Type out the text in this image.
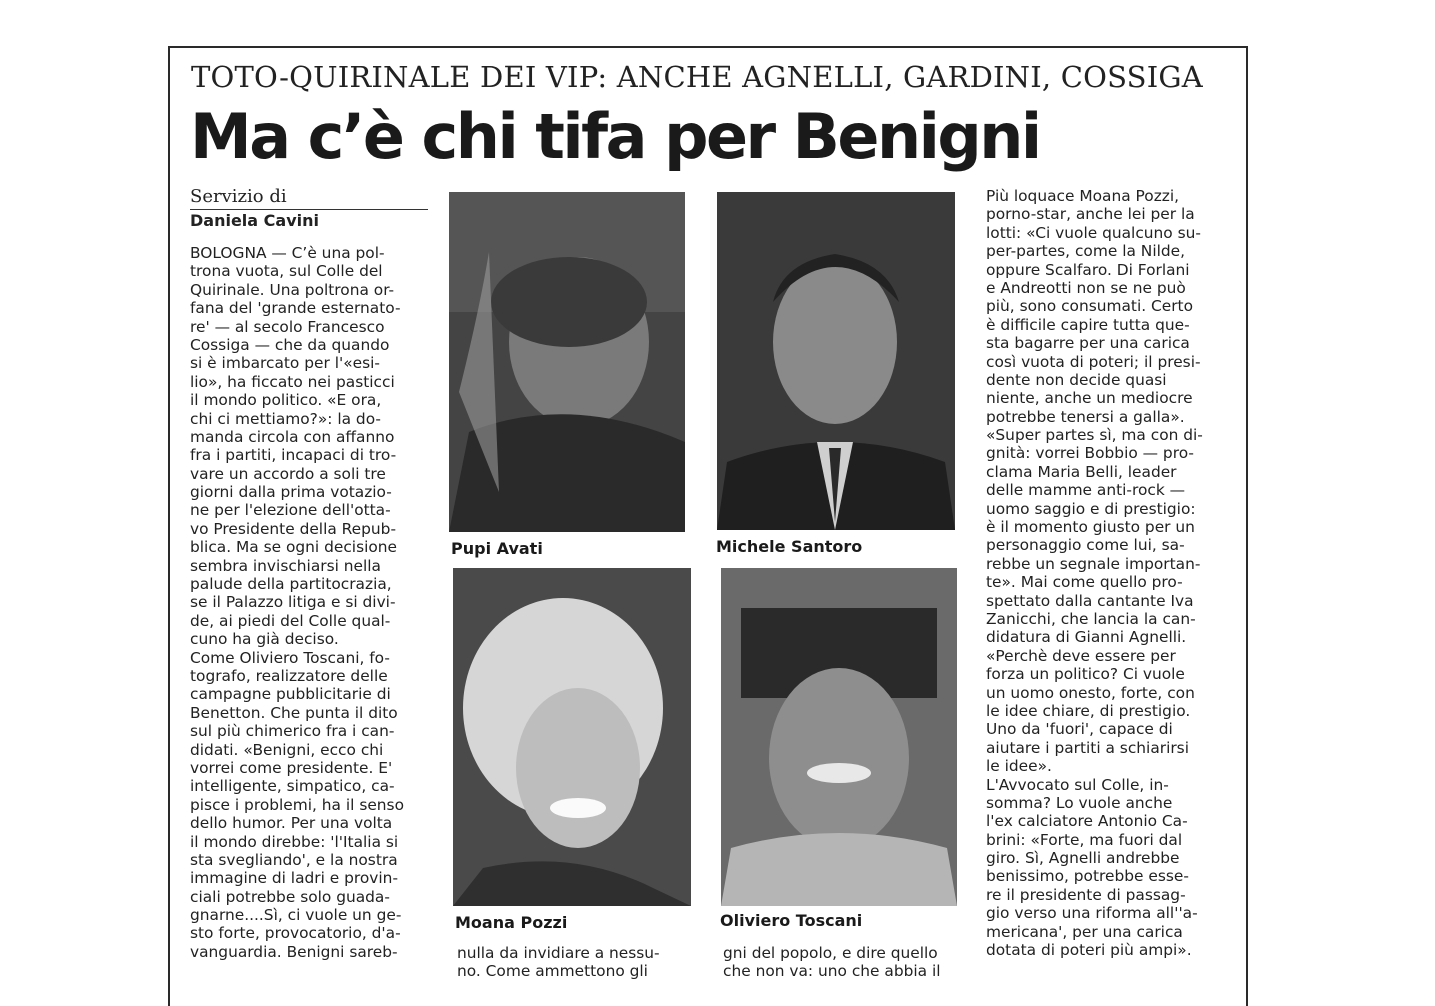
TOTO-QUIRINALE DEI VIP: ANCHE AGNELLI, GARDINI, COSSIGA
Ma c’è chi tifa per Benigni
Servizio di
Daniela Cavini
BOLOGNA — C’è una pol-
trona vuota, sul Colle del
Quirinale. Una poltrona or-
fana del 'grande esternato-
re' — al secolo Francesco
Cossiga — che da quando
si è imbarcato per l'«esi-
lio», ha ficcato nei pasticci
il mondo politico. «E ora,
chi ci mettiamo?»: la do-
manda circola con affanno
fra i partiti, incapaci di tro-
vare un accordo a soli tre
giorni dalla prima votazio-
ne per l'elezione dell'otta-
vo Presidente della Repub-
blica. Ma se ogni decisione
sembra invischiarsi nella
palude della partitocrazia,
se il Palazzo litiga e si divi-
de, ai piedi del Colle qual-
cuno ha già deciso.
Come Oliviero Toscani, fo-
tografo, realizzatore delle
campagne pubblicitarie di
Benetton. Che punta il dito
sul più chimerico fra i can-
didati. «Benigni, ecco chi
vorrei come presidente. E'
intelligente, simpatico, ca-
pisce i problemi, ha il senso
dello humor. Per una volta
il mondo direbbe: 'l'Italia si
sta svegliando', e la nostra
immagine di ladri e provin-
ciali potrebbe solo guada-
gnarne....Sì, ci vuole un ge-
sto forte, provocatorio, d'a-
vanguardia. Benigni sareb-
Pupi Avati	Michele Santoro
Moana Pozzi	Oliviero Toscani
Più loquace Moana Pozzi,
porno-star, anche lei per la
lotti: «Ci vuole qualcuno su-
per-partes, come la Nilde,
oppure Scalfaro. Di Forlani
e Andreotti non se ne può
più, sono consumati. Certo
è difficile capire tutta que-
sta bagarre per una carica
così vuota di poteri; il presi-
dente non decide quasi
niente, anche un mediocre
potrebbe tenersi a galla».
«Super partes sì, ma con di-
gnità: vorrei Bobbio — pro-
clama Maria Belli, leader
delle mamme anti-rock —
uomo saggio e di prestigio:
è il momento giusto per un
personaggio come lui, sa-
rebbe un segnale importan-
te». Mai come quello pro-
spettato dalla cantante Iva
Zanicchi, che lancia la can-
didatura di Gianni Agnelli.
«Perchè deve essere per
forza un politico? Ci vuole
un uomo onesto, forte, con
le idee chiare, di prestigio.
Uno da 'fuori', capace di
aiutare i partiti a schiarirsi
le idee».
L'Avvocato sul Colle, in-
somma? Lo vuole anche
l'ex calciatore Antonio Ca-
brini: «Forte, ma fuori dal
giro. Sì, Agnelli andrebbe
benissimo, potrebbe esse-
re il presidente di passag-
gio verso una riforma all''a-
mericana', per una carica
dotata di poteri più ampi».
nulla da invidiare a nessu-
no. Come ammettono gli
gni del popolo, e dire quello
che non va: uno che abbia il
